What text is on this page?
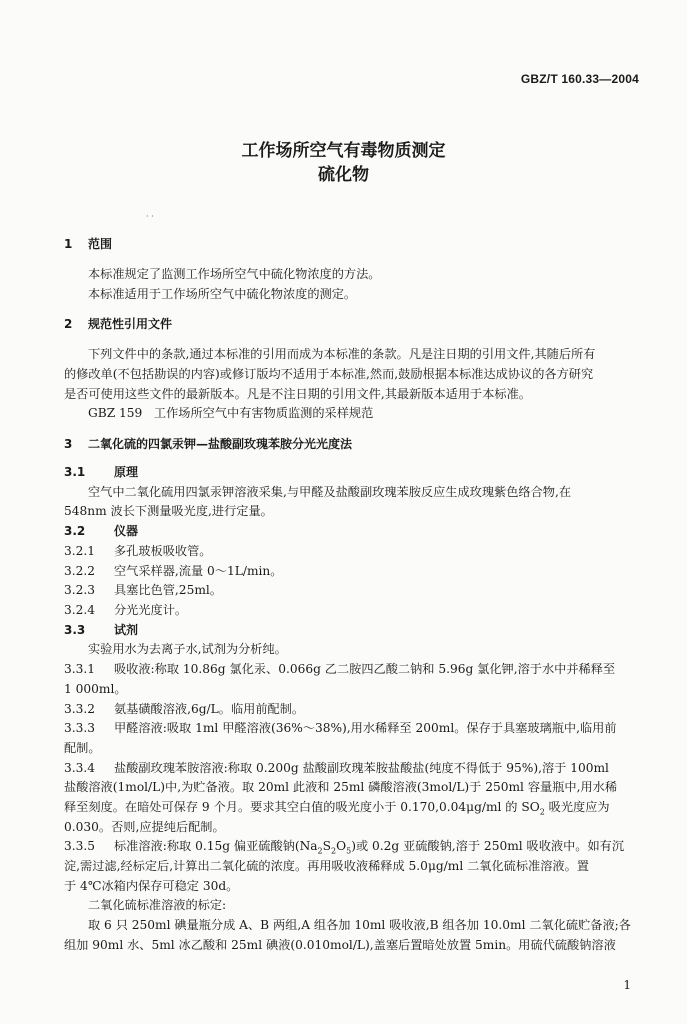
GBZ/T 160.33—2004
工作场所空气有毒物质测定
硫化物
· ·
1 范围
本标准规定了监测工作场所空气中硫化物浓度的方法。
本标准适用于工作场所空气中硫化物浓度的测定。
2 规范性引用文件
下列文件中的条款,通过本标准的引用而成为本标准的条款。凡是注日期的引用文件,其随后所有
的修改单(不包括勘误的内容)或修订版均不适用于本标准,然而,鼓励根据本标准达成协议的各方研究
是否可使用这些文件的最新版本。凡是不注日期的引用文件,其最新版本适用于本标准。
GBZ 159 工作场所空气中有害物质监测的采样规范
3 二氧化硫的四氯汞钾—盐酸副玫瑰苯胺分光光度法
3.1 原理
空气中二氧化硫用四氯汞钾溶液采集,与甲醛及盐酸副玫瑰苯胺反应生成玫瑰紫色络合物,在
548nm 波长下测量吸光度,进行定量。
3.2 仪器
3.2.1 多孔玻板吸收管。
3.2.2 空气采样器,流量 0～1L/min。
3.2.3 具塞比色管,25ml。
3.2.4 分光光度计。
3.3 试剂
实验用水为去离子水,试剂为分析纯。
3.3.1 吸收液:称取 10.86g 氯化汞、0.066g 乙二胺四乙酸二钠和 5.96g 氯化钾,溶于水中并稀释至
1 000ml。
3.3.2 氨基磺酸溶液,6g/L。临用前配制。
3.3.3 甲醛溶液:吸取 1ml 甲醛溶液(36%～38%),用水稀释至 200ml。保存于具塞玻璃瓶中,临用前
配制。
3.3.4 盐酸副玫瑰苯胺溶液:称取 0.200g 盐酸副玫瑰苯胺盐酸盐(纯度不得低于 95%),溶于 100ml
盐酸溶液(1mol/L)中,为贮备液。取 20ml 此液和 25ml 磷酸溶液(3mol/L)于 250ml 容量瓶中,用水稀
释至刻度。在暗处可保存 9 个月。要求其空白值的吸光度小于 0.170,0.04μg/ml 的 $SO_2$ 吸光度应为
0.030。否则,应提纯后配制。
3.3.5 标准溶液:称取 0.15g 偏亚硫酸钠$(Na_2S_2O_5)$或 0.2g 亚硫酸钠,溶于 250ml 吸收液中。如有沉
淀,需过滤,经标定后,计算出二氧化硫的浓度。再用吸收液稀释成 5.0μg/ml 二氧化硫标准溶液。置
于 4℃冰箱内保存可稳定 30d。
二氧化硫标准溶液的标定:
取 6 只 250ml 碘量瓶分成 A、B 两组,A 组各加 10ml 吸收液,B 组各加 10.0ml 二氧化硫贮备液;各
组加 90ml 水、5ml 冰乙酸和 25ml 碘液(0.010mol/L),盖塞后置暗处放置 5min。用硫代硫酸钠溶液
1
